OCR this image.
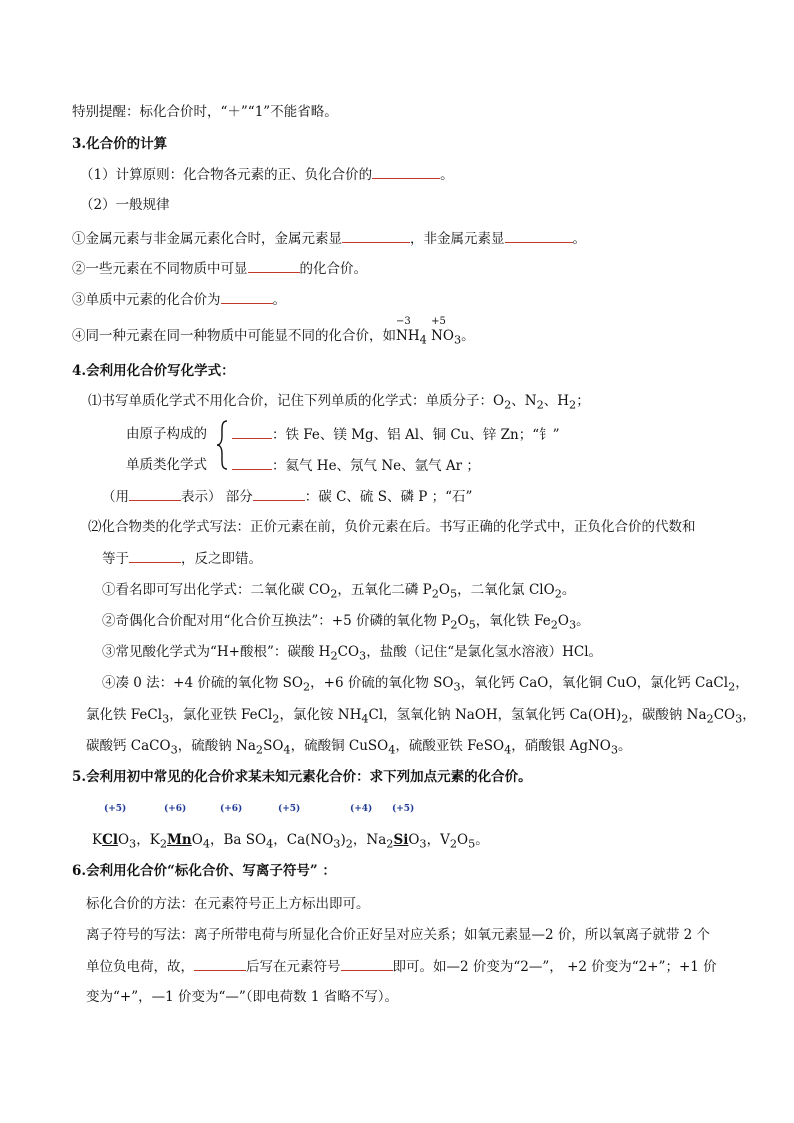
特别提醒：标化合价时，“＋”“1”不能省略。
3.化合价的计算
（1）计算原则：化合物各元素的正、负化合价的	。
（2）一般规律
①金属元素与非金属元素化合时，金属元素显	，非金属元素显	。
②一些元素在不同物质中可显	的化合价。
③单质中元素的化合价为	。
④同一种元素在同一种物质中可能显不同的化合价，如
−3
$NH_4$
+5
$NO_3$。
4.会利用化合价写化学式：
⑴书写单质化学式不用化合价，记住下列单质的化学式：单质分子：$O_2$、$N_2$、$H_2$；
由原子构成的	：铁 Fe、镁 Mg、铝 Al、铜 Cu、锌 Zn；“钅”
单质类化学式	：氦气 He、氖气 Ne、氩气 Ar ；
（用	表示） 部分	：碳 C、硫 S、磷 P ；“石”
⑵化合物类的化学式写法：正价元素在前，负价元素在后。书写正确的化学式中，正负化合价的代数和
等于	，反之即错。
①看名即可写出化学式：二氧化碳 $CO_2$，五氧化二磷 $P_2O_5$，二氧化氯 ClO$_2$。
②奇偶化合价配对用“化合价互换法”：+5 价磷的氧化物 $P_2O_5$，氧化铁 $Fe_2O_3$。
③常见酸化学式为“H+酸根”：碳酸 $H_2CO_3$，盐酸（记住“是氯化氢水溶液）HCl。
④凑 0 法：+4 价硫的氧化物 $SO_2$，+6 价硫的氧化物 $SO_3$，氧化钙 CaO，氧化铜 CuO，氯化钙 CaCl$_2$，
氯化铁 FeCl$_3$，氯化亚铁 FeCl$_2$，氯化铵 $NH_4Cl$，氢氧化钠 NaOH，氢氧化钙 $Ca(OH)_2$，碳酸钠 $Na_2CO_3$，
碳酸钙 CaCO$_3$，硫酸钠 $Na_2SO_4$，硫酸铜 CuSO$_4$，硫酸亚铁 FeSO$_4$，硝酸银 AgNO$_3$。
5.会利用初中常见的化合价求某未知元素化合价：求下列加点元素的化合价。
(+5)	(+6)	(+6)	(+5)	(+4) (+5)
KClO$_3$，$K_2MnO_4$，Ba $SO_4$，$Ca(NO_3)_2$，$Na_2SiO_3$，$V_2O_5$。
6.会利用化合价“标化合价、写离子符号” ：
标化合价的方法：在元素符号正上方标出即可。
离子符号的写法：离子所带电荷与所显化合价正好呈对应关系；如氧元素显—2 价，所以氧离子就带 2 个
单位负电荷，故，	后写在元素符号	即可。如—2 价变为“2—”， +2 价变为“2+”；+1 价
变为“+”，—1 价变为“—”（即电荷数 1 省略不写）。
